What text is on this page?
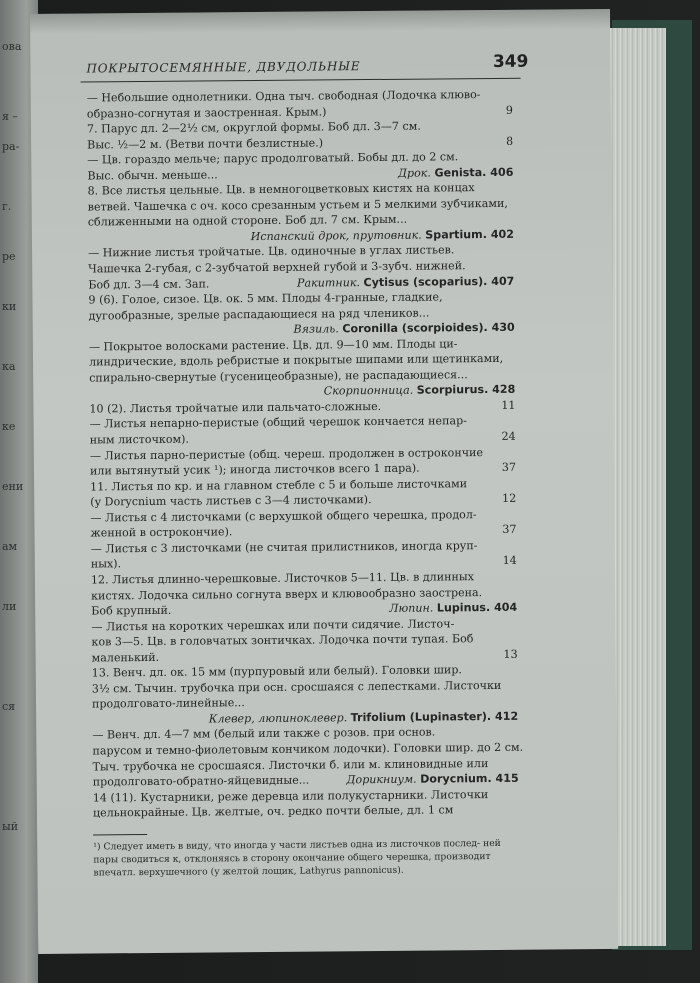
ова
я –
ра-
г.
ре
ки
ка
ке
ени
ам
ли
ся
ый
ПОКРЫТОСЕМЯННЫЕ, ДВУДОЛЬНЫЕ	349
— Небольшие однолетники. Одна тыч. свободная (Лодочка клюво-
образно-согнутая и заостренная. Крым.)	9
7. Парус дл. 2—2½ см, округлой формы. Боб дл. 3—7 см.
Выс. ½—2 м. (Ветви почти безлистные.)	8
— Цв. гораздо мельче; парус продолговатый. Бобы дл. до 2 см.
Выс. обычн. меньше...	Дрок. Genista. 406
8. Все листья цельные. Цв. в немногоцветковых кистях на концах
ветвей. Чашечка с оч. косо срезанным устьем и 5 мелкими зубчиками,
сближенными на одной стороне. Боб дл. 7 см. Крым...
Испанский дрок, прутовник. Spartium. 402
— Нижние листья тройчатые. Цв. одиночные в углах листьев.
Чашечка 2-губая, с 2-зубчатой верхней губой и 3-зубч. нижней.
Боб дл. 3—4 см. Зап.	Ракитник. Cytisus (scoparius). 407
9 (6). Голое, сизое. Цв. ок. 5 мм. Плоды 4-гранные, гладкие,
дугообразные, зрелые распадающиеся на ряд члеников...
Вязиль. Coronilla (scorpioides). 430
— Покрытое волосками растение. Цв. дл. 9—10 мм. Плоды ци-
линдрические, вдоль ребристые и покрытые шипами или щетинками,
спирально-свернутые (гусеницеобразные), не распадающиеся...
Скорпионница. Scorpiurus. 428
10 (2). Листья тройчатые или пальчато-сложные.	11
— Листья непарно-перистые (общий черешок кончается непар-
ным листочком).	24
— Листья парно-перистые (общ. череш. продолжен в острокончие
или вытянутый усик ¹); иногда листочков всего 1 пара).	37
11. Листья по кр. и на главном стебле с 5 и больше листочками
(у Dorycnium часть листьев с 3—4 листочками).	12
— Листья с 4 листочками (с верхушкой общего черешка, продол-
женной в острокончие).	37
— Листья с 3 листочками (не считая прилистников, иногда круп-
ных).	14
12. Листья длинно-черешковые. Листочков 5—11. Цв. в длинных
кистях. Лодочка сильно согнута вверх и клювообразно заострена.
Боб крупный.	Люпин. Lupinus. 404
— Листья на коротких черешках или почти сидячие. Листоч-
ков 3—5. Цв. в головчатых зонтичках. Лодочка почти тупая. Боб
маленький.	13
13. Венч. дл. ок. 15 мм (пурпуровый или белый). Головки шир.
3½ см. Тычин. трубочка при осн. сросшаяся с лепестками. Листочки
продолговато-линейные...
Клевер, люпиноклевер. Trifolium (Lupinaster). 412
— Венч. дл. 4—7 мм (белый или также с розов. при основ.
парусом и темно-фиолетовым кончиком лодочки). Головки шир. до 2 см.
Тыч. трубочка не сросшаяся. Листочки б. или м. клиновидные или
продолговато-обратно-яйцевидные...	Дорикниум. Dorycnium. 415
14 (11). Кустарники, реже деревца или полукустарники. Листочки
цельнокрайные. Цв. желтые, оч. редко почти белые, дл. 1 см
¹) Следует иметь в виду, что иногда у части листьев одна из листочков послед- ней пары сводиться к, отклоняясь в сторону окончание общего черешка, производит впечатл. верхушечного (у желтой лощик, Lathyrus pannonicus).
